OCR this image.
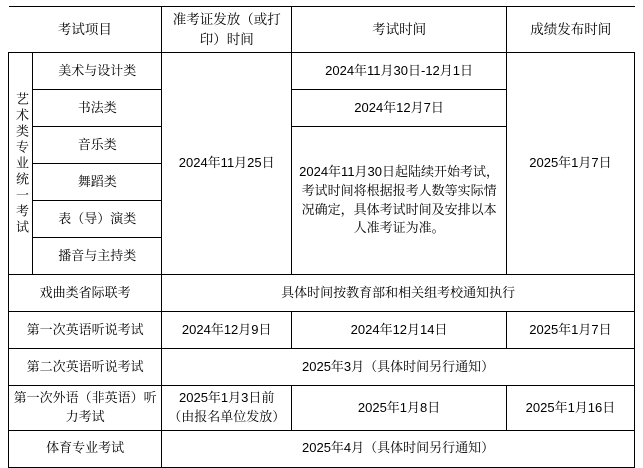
考试项目		准考证发放（或打印）时间	考试时间	成绩发布时间
艺术类专业统一考试	美术与设计类	2024年11月25日	2024年11月30日-12月1日	2025年1月7日
	书法类		2024年12月7日	
	音乐类		2024年11月30日起陆续开始考试，考试时间将根据报考人数等实际情况确定，具体考试时间及安排以本人准考证为准。	
	舞蹈类			
	表（导）演类			
	播音与主持类			
戏曲类省际联考		具体时间按教育部和相关组考校通知执行		
第一次英语听说考试		2024年12月9日	2024年12月14日	2025年1月7日
第二次英语听说考试		2025年3月（具体时间另行通知）		
第一次外语（非英语）听力考试		2025年1月3日前（由报名单位发放）	2025年1月8日	2025年1月16日
体育专业考试		2025年4月（具体时间另行通知）		
